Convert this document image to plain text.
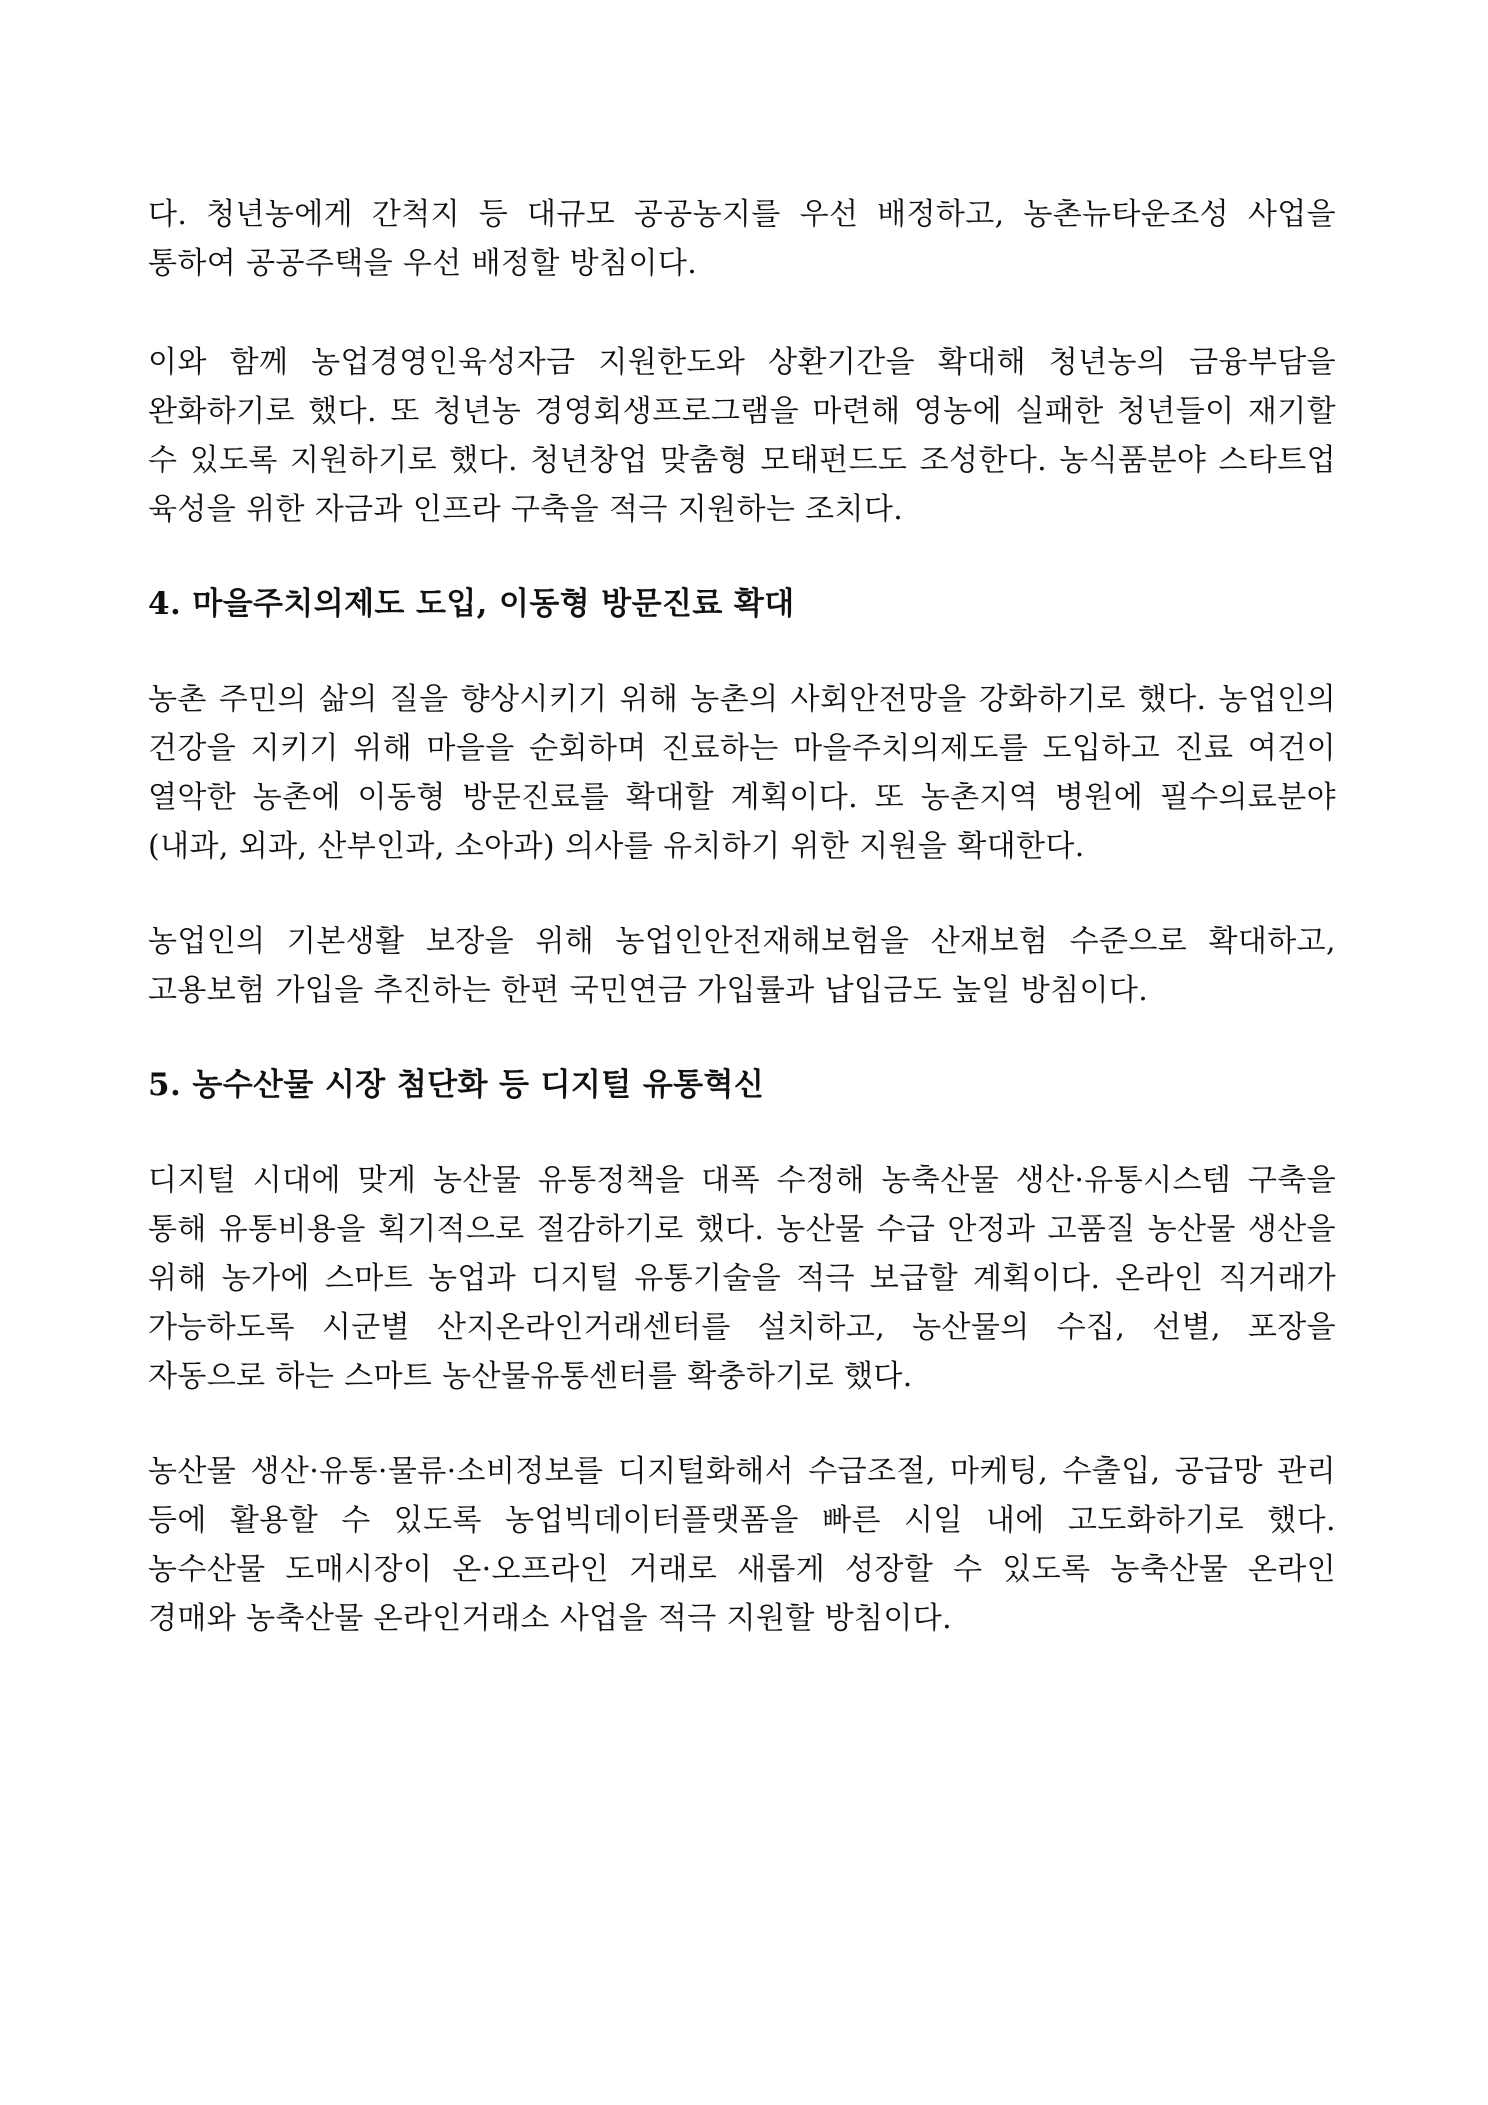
다. 청년농에게 간척지 등 대규모 공공농지를 우선 배정하고, 농촌뉴타운조성 사업을 통하여 공공주택을 우선 배정할 방침이다.

이와 함께 농업경영인육성자금 지원한도와 상환기간을 확대해 청년농의 금융부담을 완화하기로 했다. 또 청년농 경영회생프로그램을 마련해 영농에 실패한 청년들이 재기할 수 있도록 지원하기로 했다. 청년창업 맞춤형 모태펀드도 조성한다. 농식품분야 스타트업 육성을 위한 자금과 인프라 구축을 적극 지원하는 조치다.

4. 마을주치의제도 도입, 이동형 방문진료 확대

농촌 주민의 삶의 질을 향상시키기 위해 농촌의 사회안전망을 강화하기로 했다. 농업인의 건강을 지키기 위해 마을을 순회하며 진료하는 마을주치의제도를 도입하고 진료 여건이 열악한 농촌에 이동형 방문진료를 확대할 계획이다. 또 농촌지역 병원에 필수의료분야(내과, 외과, 산부인과, 소아과) 의사를 유치하기 위한 지원을 확대한다.

농업인의 기본생활 보장을 위해 농업인안전재해보험을 산재보험 수준으로 확대하고, 고용보험 가입을 추진하는 한편 국민연금 가입률과 납입금도 높일 방침이다.

5. 농수산물 시장 첨단화 등 디지털 유통혁신

디지털 시대에 맞게 농산물 유통정책을 대폭 수정해 농축산물 생산·유통시스템 구축을 통해 유통비용을 획기적으로 절감하기로 했다. 농산물 수급 안정과 고품질 농산물 생산을 위해 농가에 스마트 농업과 디지털 유통기술을 적극 보급할 계획이다. 온라인 직거래가 가능하도록 시군별 산지온라인거래센터를 설치하고, 농산물의 수집, 선별, 포장을 자동으로 하는 스마트 농산물유통센터를 확충하기로 했다.

농산물 생산·유통·물류·소비정보를 디지털화해서 수급조절, 마케팅, 수출입, 공급망 관리 등에 활용할 수 있도록 농업빅데이터플랫폼을 빠른 시일 내에 고도화하기로 했다. 농수산물 도매시장이 온·오프라인 거래로 새롭게 성장할 수 있도록 농축산물 온라인 경매와 농축산물 온라인거래소 사업을 적극 지원할 방침이다.
